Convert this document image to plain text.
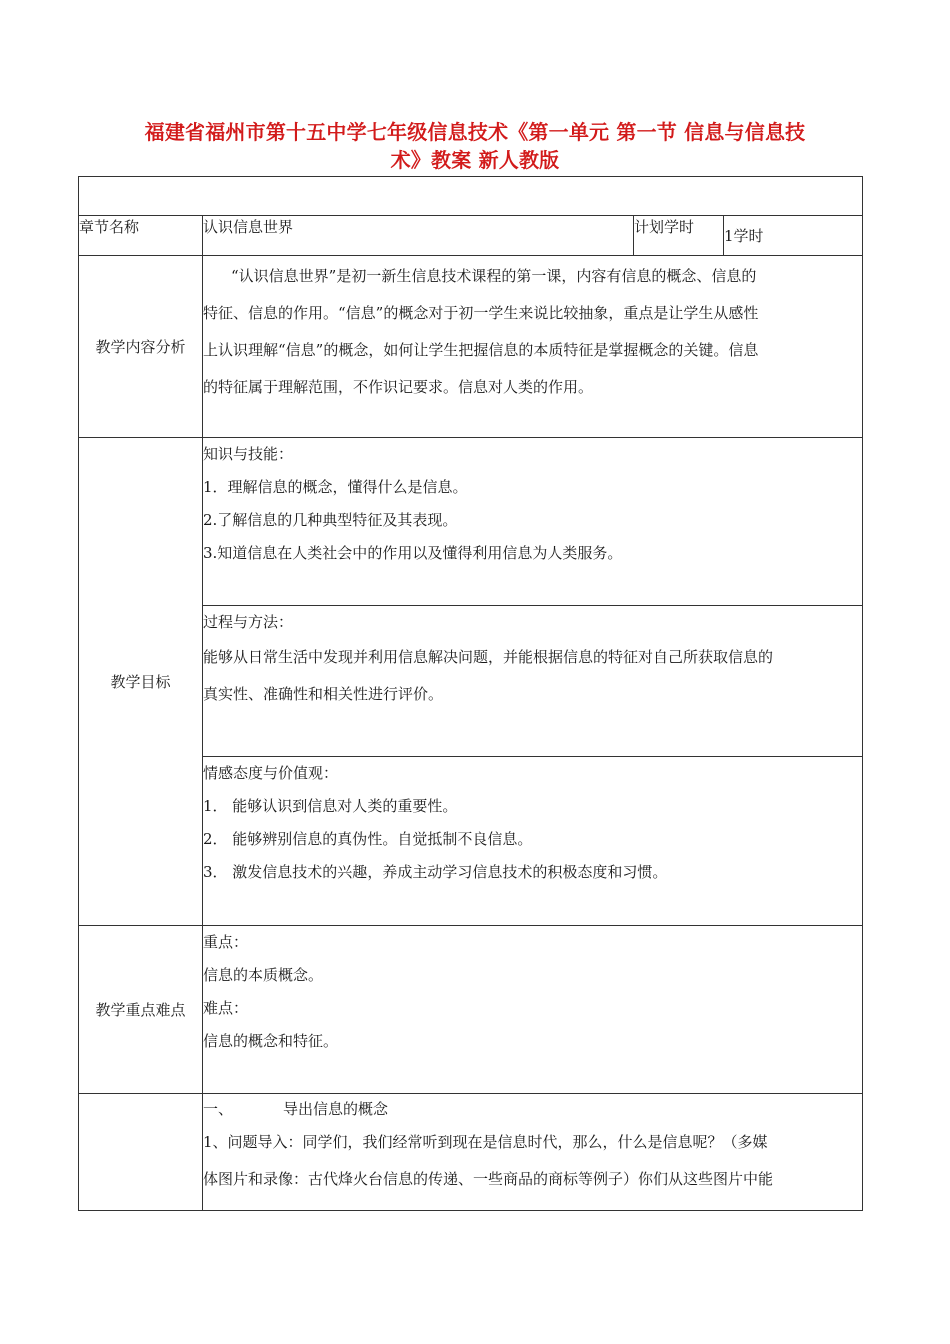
福建省福州市第十五中学七年级信息技术《第一单元 第一节 信息与信息技
术》教案 新人教版

章节名称	认识信息世界	计划学时	1学时
教学内容分析	“认识信息世界”是初一新生信息技术课程的第一课，内容有信息的概念、信息的
特征、信息的作用。“信息”的概念对于初一学生来说比较抽象，重点是让学生从感性
上认识理解“信息”的概念，如何让学生把握信息的本质特征是掌握概念的关键。信息
的特征属于理解范围，不作识记要求。信息对人类的作用。		

教学目标	知识与技能：
1．理解信息的概念，懂得什么是信息。
2.了解信息的几种典型特征及其表现。
3.知道信息在人类社会中的作用以及懂得利用信息为人类服务。		

	过程与方法：
能够从日常生活中发现并利用信息解决问题，并能根据信息的特征对自己所获取信息的
真实性、准确性和相关性进行评价。		

	情感态度与价值观：
1． 能够认识到信息对人类的重要性。
2． 能够辨别信息的真伪性。自觉抵制不良信息。
3． 激发信息技术的兴趣，养成主动学习信息技术的积极态度和习惯。		

教学重点难点	重点：
信息的本质概念。
难点：
信息的概念和特征。		

	一、 导出信息的概念
1、问题导入：同学们，我们经常听到现在是信息时代，那么，什么是信息呢？（多媒
体图片和录像：古代烽火台信息的传递、一些商品的商标等例子）你们从这些图片中能		
